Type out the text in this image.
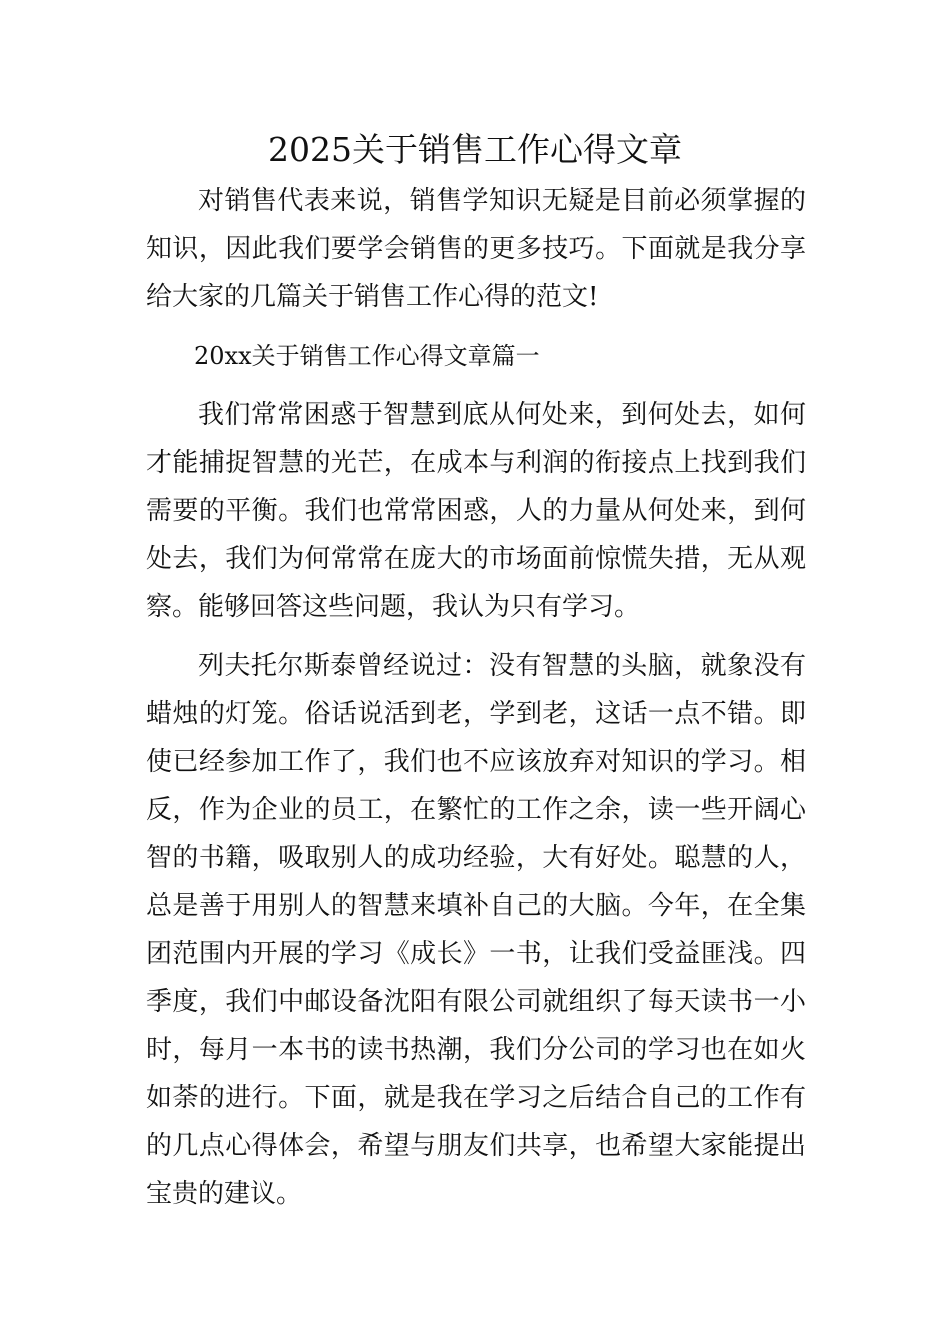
2025关于销售工作心得文章

对销售代表来说，销售学知识无疑是目前必须掌握的知识，因此我们要学会销售的更多技巧。下面就是我分享给大家的几篇关于销售工作心得的范文!

20xx关于销售工作心得文章篇一

我们常常困惑于智慧到底从何处来，到何处去，如何才能捕捉智慧的光芒，在成本与利润的衔接点上找到我们需要的平衡。我们也常常困惑，人的力量从何处来，到何处去，我们为何常常在庞大的市场面前惊慌失措，无从观察。能够回答这些问题，我认为只有学习。

列夫托尔斯泰曾经说过：没有智慧的头脑，就象没有蜡烛的灯笼。俗话说活到老，学到老，这话一点不错。即使已经参加工作了，我们也不应该放弃对知识的学习。相反，作为企业的员工，在繁忙的工作之余，读一些开阔心智的书籍，吸取别人的成功经验，大有好处。聪慧的人，总是善于用别人的智慧来填补自己的大脑。今年，在全集团范围内开展的学习《成长》一书，让我们受益匪浅。四季度，我们中邮设备沈阳有限公司就组织了每天读书一小时，每月一本书的读书热潮，我们分公司的学习也在如火如荼的进行。下面，就是我在学习之后结合自己的工作有的几点心得体会，希望与朋友们共享，也希望大家能提出宝贵的建议。
